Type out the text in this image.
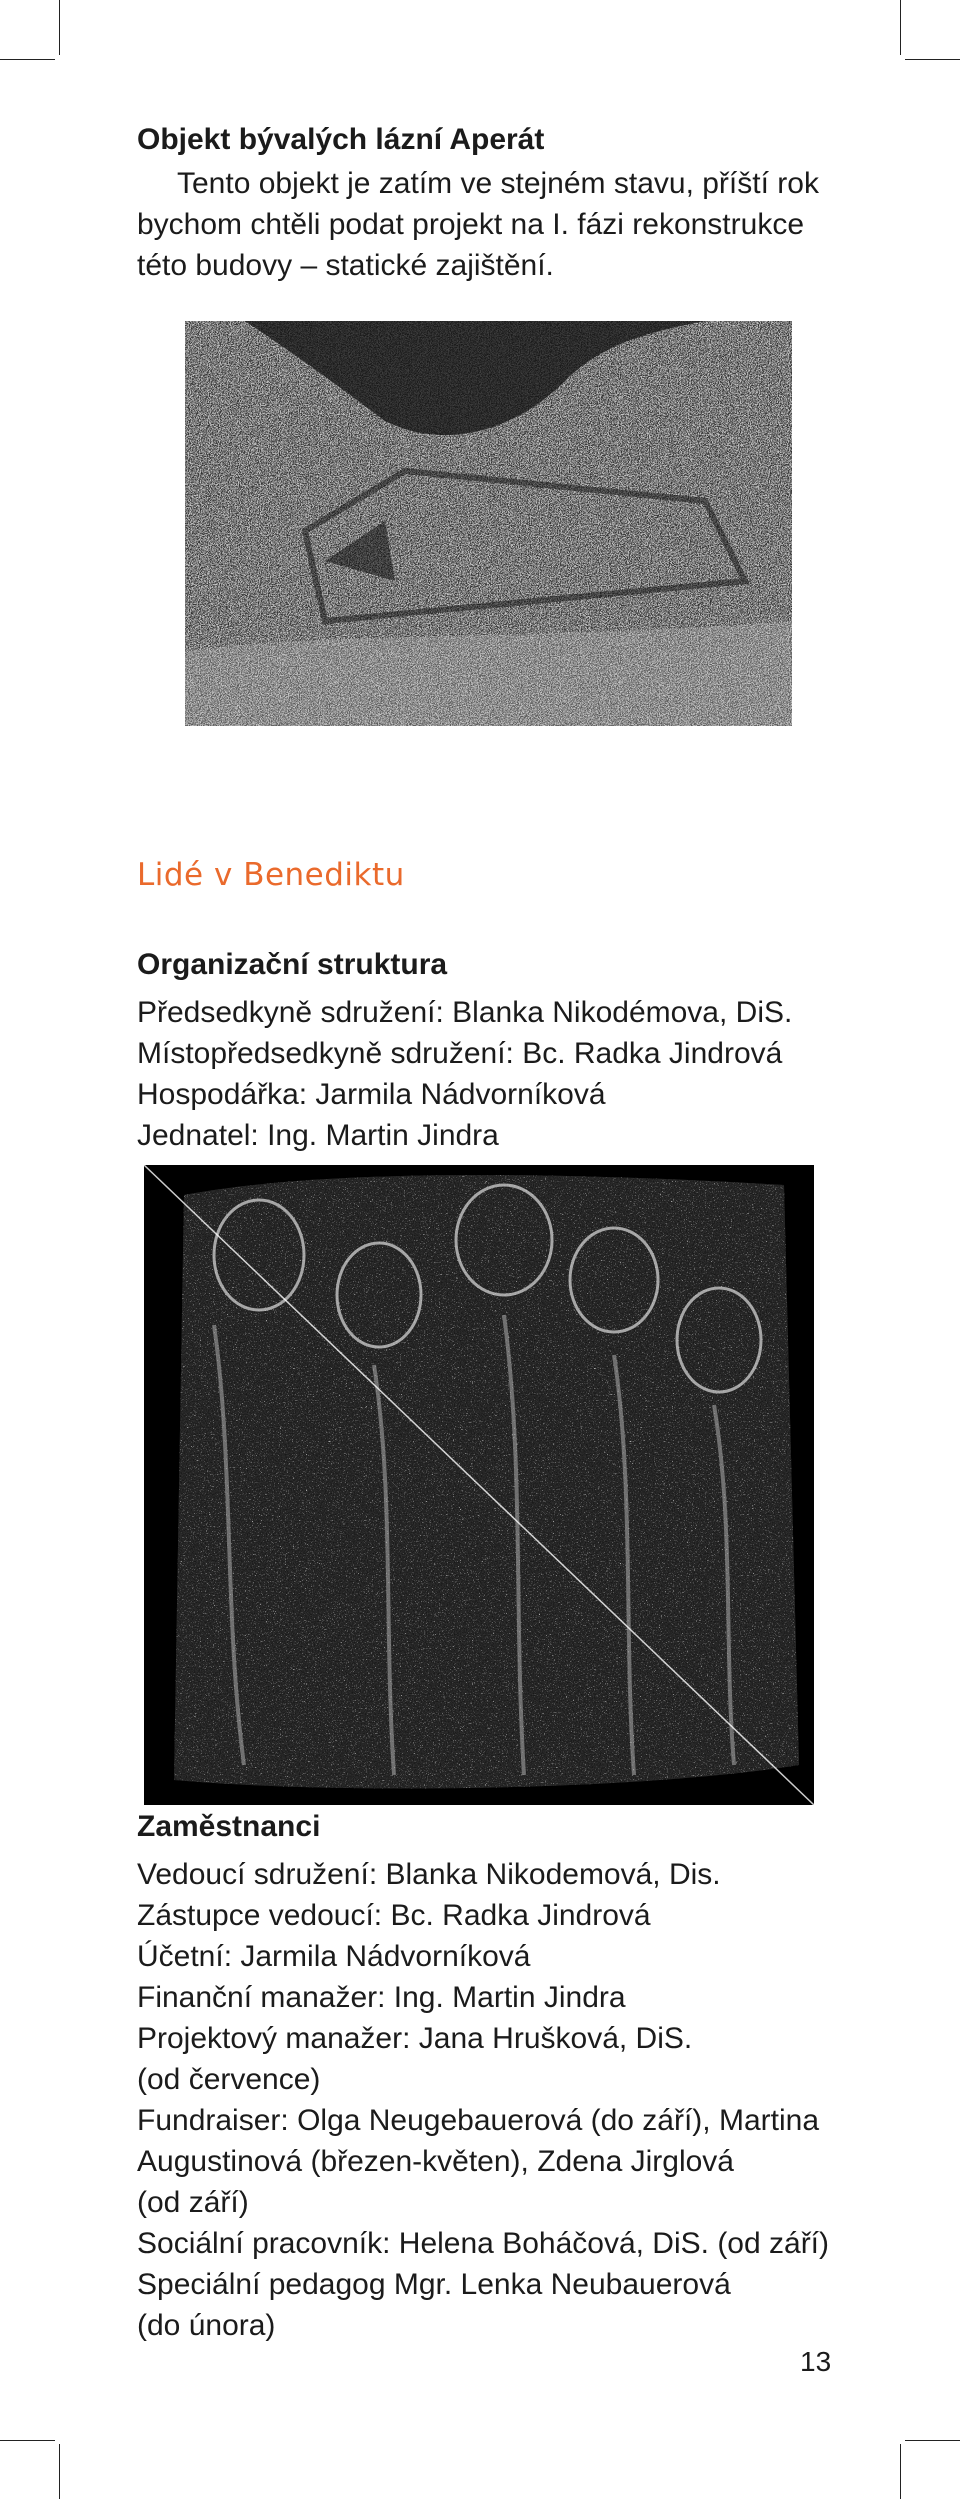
Objekt bývalých lázní Aperát

Tento objekt je zatím ve stejném stavu, příští rok
bychom chtěli podat projekt na I. fázi rekonstrukce
této budovy – statické zajištění.

Lidé v Benediktu
Organizační struktura
Předsedkyně sdružení: Blanka Nikodémova, DiS.
Místopředsedkyně sdružení: Bc. Radka Jindrová
Hospodářka: Jarmila Nádvorníková
Jednatel: Ing. Martin Jindra
Zaměstnanci
Vedoucí sdružení: Blanka Nikodemová, Dis.
Zástupce vedoucí: Bc. Radka Jindrová
Účetní: Jarmila Nádvorníková
Finanční manažer: Ing. Martin Jindra
Projektový manažer: Jana Hrušková, DiS.
(od července)
Fundraiser: Olga Neugebauerová (do září), Martina
Augustinová (březen-květen), Zdena Jirglová
(od září)
Sociální pracovník: Helena Boháčová, DiS. (od září)
Speciální pedagog Mgr. Lenka Neubauerová
(do února)
13
